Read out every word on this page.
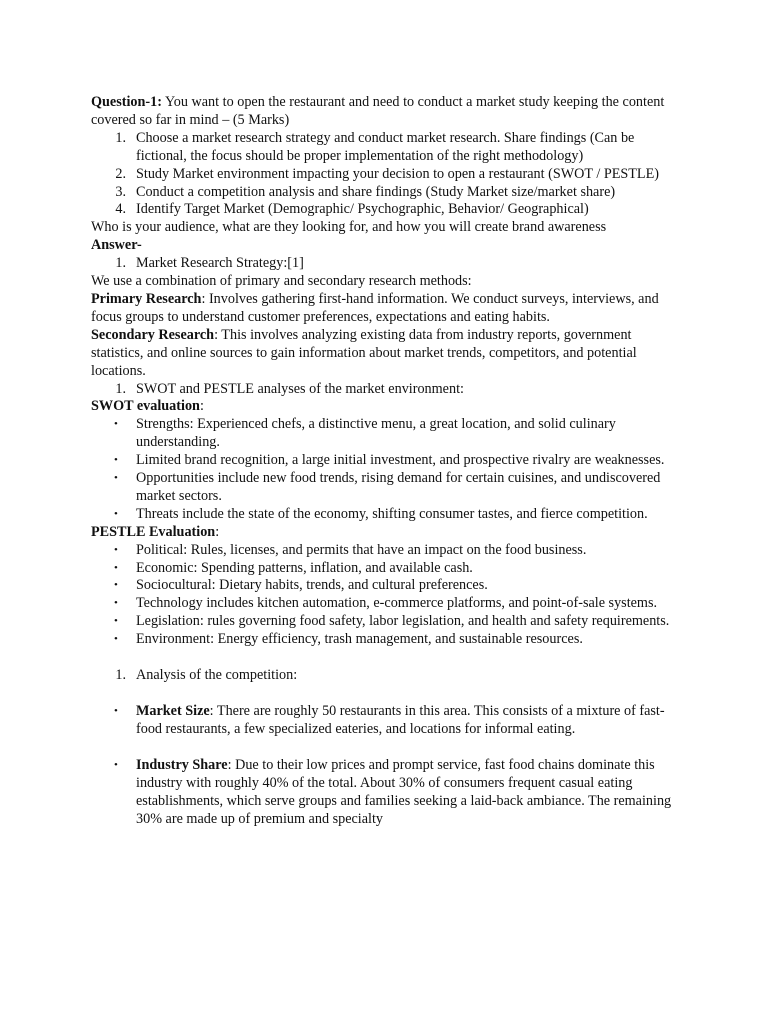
Question-1: You want to open the restaurant and need to conduct a market study keeping the content covered so far in mind – (5 Marks)

1 . Choose a market research strategy and conduct market research. Share findings (Can be fictional, the focus should be proper implementation of the right methodology)
2 . Study Market environment impacting your decision to open a restaurant (SWOT / PESTLE)
3 . Conduct a competition analysis and share findings (Study Market size/market share)
4 . Identify Target Market (Demographic/ Psychographic, Behavior/ Geographical)

Who is your audience, what are they looking for, and how you will create brand awareness

Answer-

1 . Market Research Strategy:[1]

We use a combination of primary and secondary research methods:

Primary Research: Involves gathering first-hand information. We conduct surveys, interviews, and focus groups to understand customer preferences, expectations and eating habits.

Secondary Research: This involves analyzing existing data from industry reports, government statistics, and online sources to gain information about market trends, competitors, and potential locations.

1 . SWOT and PESTLE analyses of the market environment:

SWOT evaluation:

• Strengths: Experienced chefs, a distinctive menu, a great location, and solid culinary understanding.
• Limited brand recognition, a large initial investment, and prospective rivalry are weaknesses.
• Opportunities include new food trends, rising demand for certain cuisines, and undiscovered market sectors.
• Threats include the state of the economy, shifting consumer tastes, and fierce competition.

PESTLE Evaluation:

• Political: Rules, licenses, and permits that have an impact on the food business.
• Economic: Spending patterns, inflation, and available cash.
• Sociocultural: Dietary habits, trends, and cultural preferences.
• Technology includes kitchen automation, e-commerce platforms, and point-of-sale systems.
• Legislation: rules governing food safety, labor legislation, and health and safety requirements.
• Environment: Energy efficiency, trash management, and sustainable resources.
1 . Analysis of the competition:
• Market Size: There are roughly 50 restaurants in this area. This consists of a mixture of fast-food restaurants, a few specialized eateries, and locations for informal eating.
• Industry Share: Due to their low prices and prompt service, fast food chains dominate this industry with roughly 40% of the total. About 30% of consumers frequent casual eating establishments, which serve groups and families seeking a laid-back ambiance. The remaining 30% are made up of premium and specialty
